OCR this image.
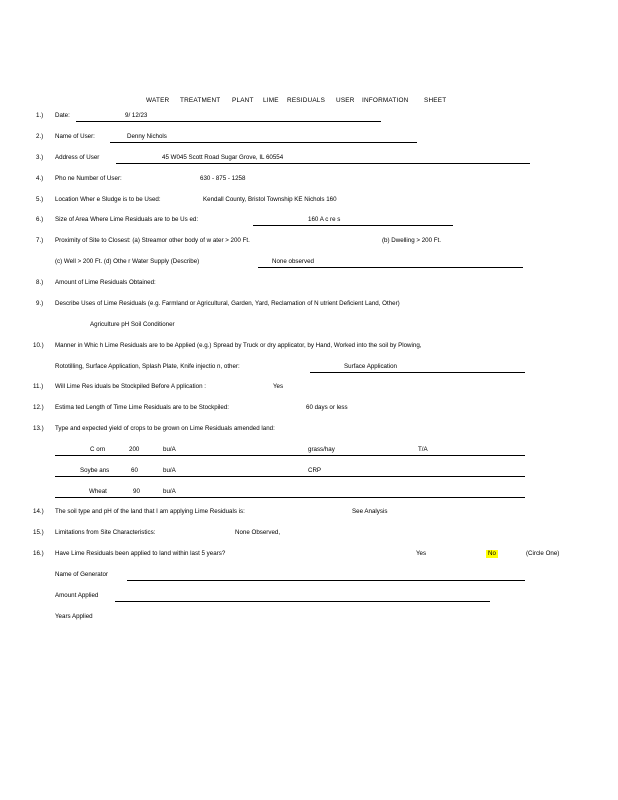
WATER TREATMENT PLANT LIME RESIDUALS USER INFORMATION SHEET
1.) Date:	9/ 12/23
2.) Name of User:	Denny Nichols
3.) Address of User	45 W045 Scott Road Sugar Grove, IL 60554
4.) Pho ne Number of User:	630 - 875 - 1258
5.) Location Wher e Sludge is to be Used:	Kendall County, Bristol Township KE Nichols 160
6.) Size of Area Where Lime Residuals are to be Us ed:	160 A c re s
7.) Proximity of Site to Closest: (a) Streamor other body of w ater > 200 Ft.	(b) Dwelling > 200 Ft.
(c) Well > 200 Ft. (d) Othe r Water Supply (Describe)	None observed
8.) Amount of Lime Residuals Obtained:
9.) Describe Uses of Lime Residuals (e.g. Farmland or Agricultural, Garden, Yard, Reclamation of N utrient Deficient Land, Other)
Agriculture pH Soil Conditioner
10.) Manner in Whic h Lime Residuals are to be Applied (e.g.) Spread by Truck or dry applicator, by Hand, Worked into the soil by Plowing,
Rototilling, Surface Application, Splash Plate, Knife injectio n, other:	Surface Application
11.) Will Lime Res iduals be Stockpiled Before A pplication :	Yes
12.) Estima ted Length of Time Lime Residuals are to be Stockpiled:	60 days or less
13.) Type and expected yield of crops to be grown on Lime Residuals amended land:
C orn	200	bu/A	grass/hay	T/A
Soybe ans	60	bu/A	CRP
Wheat	90	bu/A
14.) The soil type and pH of the land that I am applying Lime Residuals is:	See Analysis
15.) Limitations from Site Characteristics:	None Observed,
16.) Have Lime Residuals been applied to land within last 5 years?	Yes	No	(Circle One)
Name of Generator
Amount Applied
Years Applied
